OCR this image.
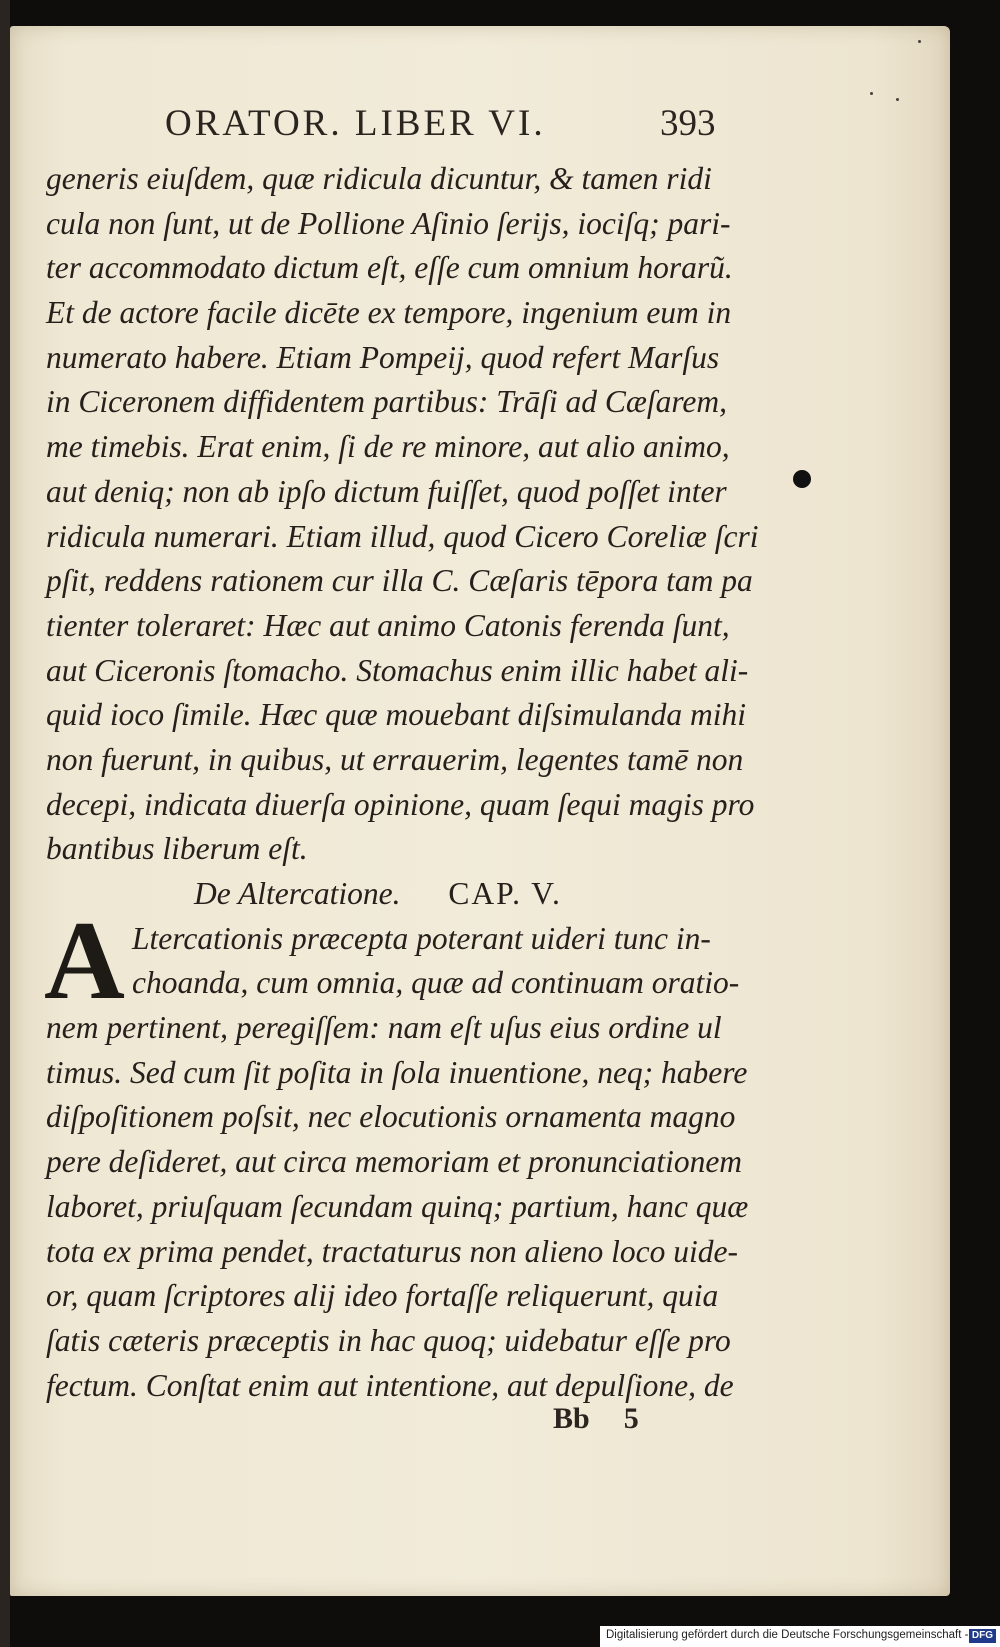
ORATOR. LIBER VI.	393
generis eiuſdem, quæ ridicula dicuntur, & tamen ridi
cula non ſunt, ut de Pollione Aſinio ſerijs, iociſq; pari-
ter accommodato dictum eſt, eſſe cum omnium horarũ.
Et de actore facile dicēte ex tempore, ingenium eum in
numerato habere. Etiam Pompeij, quod refert Marſus
in Ciceronem diffidentem partibus: Trāſi ad Cæſarem,
me timebis. Erat enim, ſi de re minore, aut alio animo,
aut deniq; non ab ipſo dictum fuiſſet, quod poſſet inter
ridicula numerari. Etiam illud, quod Cicero Coreliæ ſcri
pſit, reddens rationem cur illa C. Cæſaris tēpora tam pa
tienter toleraret: Hæc aut animo Catonis ferenda ſunt,
aut Ciceronis ſtomacho. Stomachus enim illic habet ali-
quid ioco ſimile. Hæc quæ mouebant diſsimulanda mihi
non fuerunt, in quibus, ut errauerim, legentes tamē non
decepi, indicata diuerſa opinione, quam ſequi magis pro
bantibus liberum eſt.
De Altercatione. CAP. V.
A Ltercationis præcepta poterant uideri tunc in-
choanda, cum omnia, quæ ad continuam oratio-
nem pertinent, peregiſſem: nam eſt uſus eius ordine ul
timus. Sed cum ſit poſita in ſola inuentione, neq; habere
diſpoſitionem poſsit, nec elocutionis ornamenta magno
pere deſideret, aut circa memoriam et pronunciationem
laboret, priuſquam ſecundam quinq; partium, hanc quæ
tota ex prima pendet, tractaturus non alieno loco uide-
or, quam ſcriptores alij ideo fortaſſe reliquerunt, quia
ſatis cæteris præceptis in hac quoq; uidebatur eſſe pro
fectum. Conſtat enim aut intentione, aut depulſione, de
Bb 5
Digitalisierung gefördert durch die Deutsche Forschungsgemeinschaft - DFG
